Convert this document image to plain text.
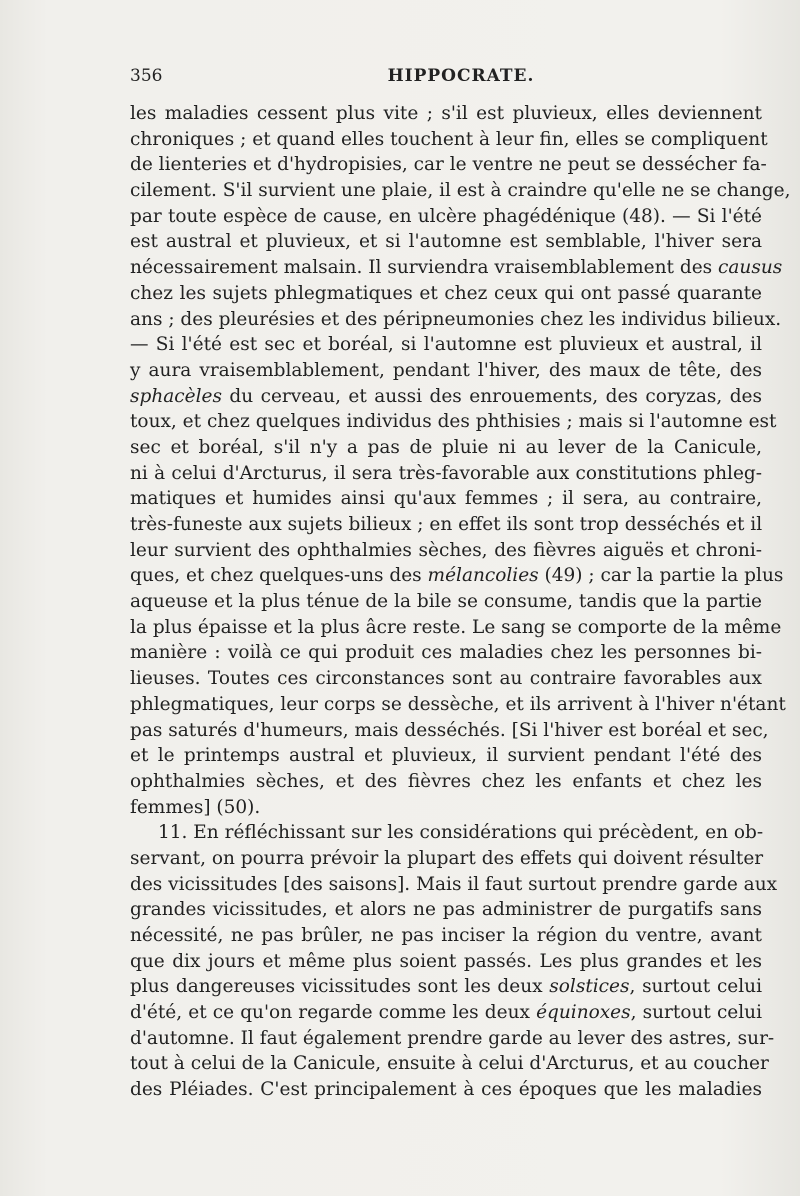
356	HIPPOCRATE.
les maladies cessent plus vite ; s'il est pluvieux, elles deviennent
chroniques ; et quand elles touchent à leur fin, elles se compliquent
de lienteries et d'hydropisies, car le ventre ne peut se dessécher fa-
cilement. S'il survient une plaie, il est à craindre qu'elle ne se change,
par toute espèce de cause, en ulcère phagédénique (48). — Si l'été
est austral et pluvieux, et si l'automne est semblable, l'hiver sera
nécessairement malsain. Il surviendra vraisemblablement des causus
chez les sujets phlegmatiques et chez ceux qui ont passé quarante
ans ; des pleurésies et des péripneumonies chez les individus bilieux.
— Si l'été est sec et boréal, si l'automne est pluvieux et austral, il
y aura vraisemblablement, pendant l'hiver, des maux de tête, des
sphacèles du cerveau, et aussi des enrouements, des coryzas, des
toux, et chez quelques individus des phthisies ; mais si l'automne est
sec et boréal, s'il n'y a pas de pluie ni au lever de la Canicule,
ni à celui d'Arcturus, il sera très-favorable aux constitutions phleg-
matiques et humides ainsi qu'aux femmes ; il sera, au contraire,
très-funeste aux sujets bilieux ; en effet ils sont trop desséchés et il
leur survient des ophthalmies sèches, des fièvres aiguës et chroni-
ques, et chez quelques-uns des mélancolies (49) ; car la partie la plus
aqueuse et la plus ténue de la bile se consume, tandis que la partie
la plus épaisse et la plus âcre reste. Le sang se comporte de la même
manière : voilà ce qui produit ces maladies chez les personnes bi-
lieuses. Toutes ces circonstances sont au contraire favorables aux
phlegmatiques, leur corps se dessèche, et ils arrivent à l'hiver n'étant
pas saturés d'humeurs, mais desséchés. [Si l'hiver est boréal et sec,
et le printemps austral et pluvieux, il survient pendant l'été des
ophthalmies sèches, et des fièvres chez les enfants et chez les
femmes] (50).
11. En réfléchissant sur les considérations qui précèdent, en ob-
servant, on pourra prévoir la plupart des effets qui doivent résulter
des vicissitudes [des saisons]. Mais il faut surtout prendre garde aux
grandes vicissitudes, et alors ne pas administrer de purgatifs sans
nécessité, ne pas brûler, ne pas inciser la région du ventre, avant
que dix jours et même plus soient passés. Les plus grandes et les
plus dangereuses vicissitudes sont les deux solstices, surtout celui
d'été, et ce qu'on regarde comme les deux équinoxes, surtout celui
d'automne. Il faut également prendre garde au lever des astres, sur-
tout à celui de la Canicule, ensuite à celui d'Arcturus, et au coucher
des Pléiades. C'est principalement à ces époques que les maladies
